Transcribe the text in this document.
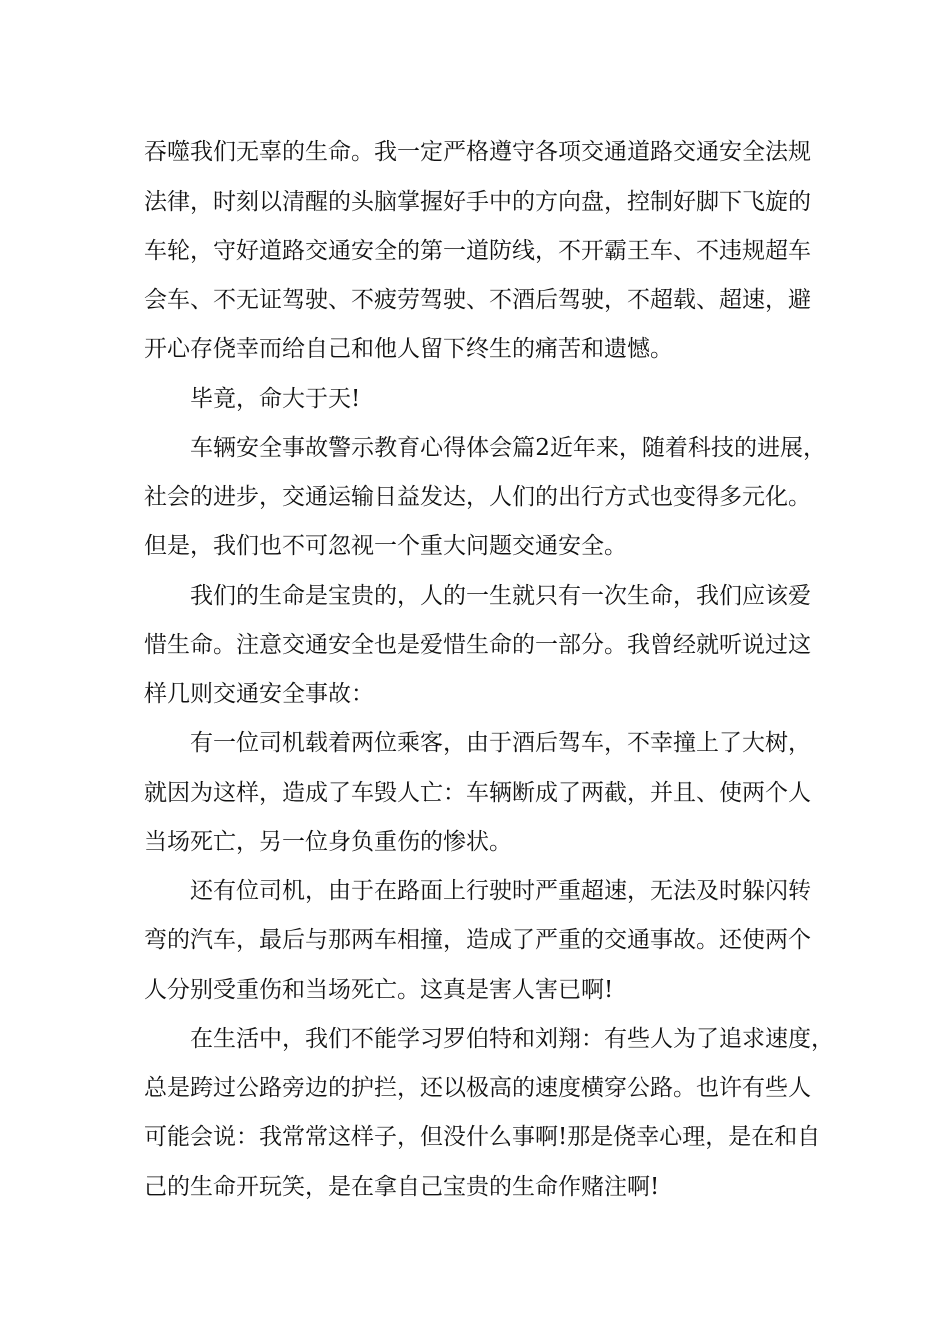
吞噬我们无辜的生命。我一定严格遵守各项交通道路交通安全法规
法律，时刻以清醒的头脑掌握好手中的方向盘，控制好脚下飞旋的
车轮，守好道路交通安全的第一道防线，不开霸王车、不违规超车
会车、不无证驾驶、不疲劳驾驶、不酒后驾驶，不超载、超速，避
开心存侥幸而给自己和他人留下终生的痛苦和遗憾。
毕竟，命大于天!
车辆安全事故警示教育心得体会篇2近年来，随着科技的进展，
社会的进步，交通运输日益发达，人们的出行方式也变得多元化。
但是，我们也不可忽视一个重大问题交通安全。
我们的生命是宝贵的，人的一生就只有一次生命，我们应该爱
惜生命。注意交通安全也是爱惜生命的一部分。我曾经就听说过这
样几则交通安全事故：
有一位司机载着两位乘客，由于酒后驾车，不幸撞上了大树，
就因为这样，造成了车毁人亡：车辆断成了两截，并且、使两个人
当场死亡，另一位身负重伤的惨状。
还有位司机，由于在路面上行驶时严重超速，无法及时躲闪转
弯的汽车，最后与那两车相撞，造成了严重的交通事故。还使两个
人分别受重伤和当场死亡。这真是害人害已啊!
在生活中，我们不能学习罗伯特和刘翔：有些人为了追求速度，
总是跨过公路旁边的护拦，还以极高的速度横穿公路。也许有些人
可能会说：我常常这样子，但没什么事啊!那是侥幸心理，是在和自
己的生命开玩笑，是在拿自己宝贵的生命作赌注啊!
